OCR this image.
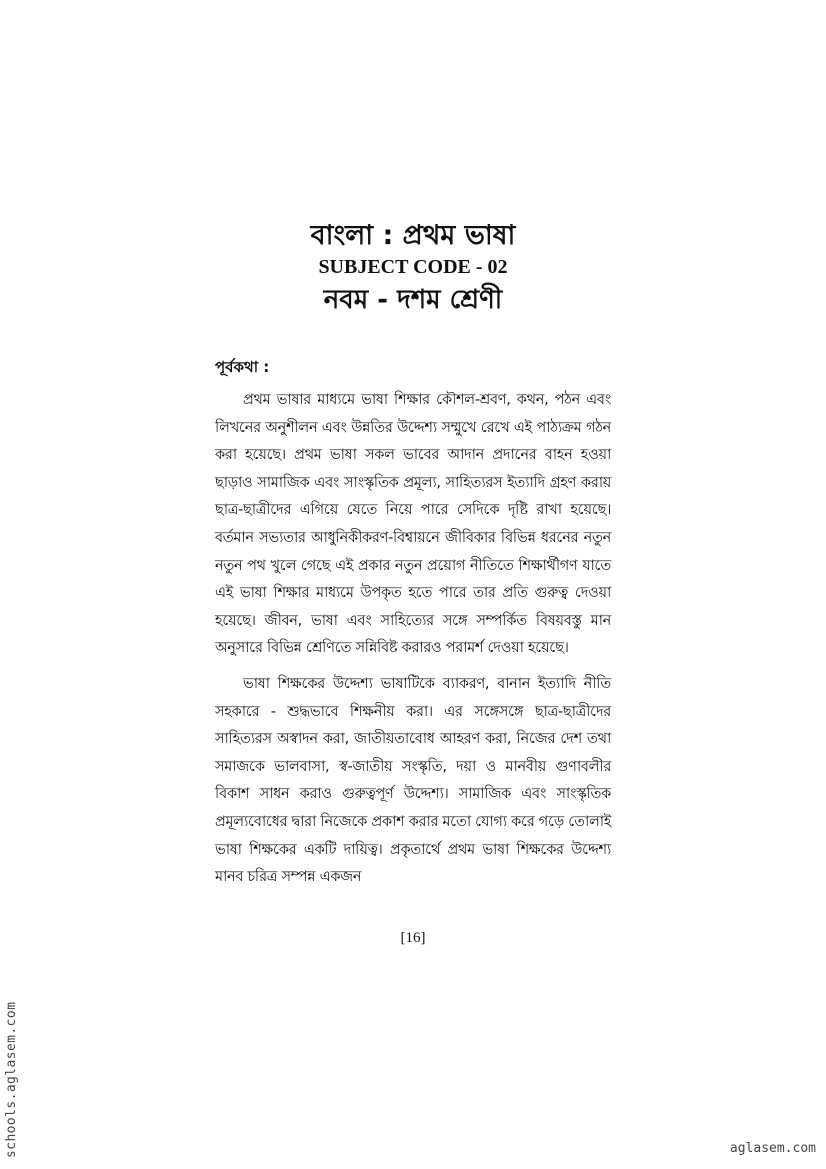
বাংলা : প্রথম ভাষা
SUBJECT CODE - 02
নবম - দশম শ্রেণী
পূর্বকথা :

প্রথম ভাষার মাধ্যমে ভাষা শিক্ষার কৌশল-শ্রবণ, কথন, পঠন এবং লিখনের অনুশীলন এবং উন্নতির উদ্দেশ্য সম্মুখে রেখে এই পাঠ্যক্রম গঠন করা হয়েছে। প্রথম ভাষা সকল ভাবের আদান প্রদানের বাহন হওয়া ছাড়াও সামাজিক এবং সাংস্কৃতিক প্রমূল্য, সাহিত্যরস ইত্যাদি গ্রহণ করায় ছাত্র-ছাত্রীদের এগিয়ে যেতে নিয়ে পারে সেদিকে দৃষ্টি রাখা হয়েছে। বর্তমান সভ্যতার আধুনিকীকরণ-বিশ্বায়নে জীবিকার বিভিন্ন ধরনের নতুন নতুন পথ খুলে গেছে এই প্রকার নতুন প্রয়োগ নীতিতে শিক্ষার্থীগণ যাতে এই ভাষা শিক্ষার মাধ্যমে উপকৃত হতে পারে তার প্রতি গুরুত্ব দেওয়া হয়েছে। জীবন, ভাষা এবং সাহিত্যের সঙ্গে সম্পর্কিত বিষয়বস্তু মান অনুসারে বিভিন্ন শ্রেণিতে সন্নিবিষ্ট করারও পরামর্শ দেওয়া হয়েছে।

ভাষা শিক্ষকের উদ্দেশ্য ভাষাটিকে ব্যাকরণ, বানান ইত্যাদি নীতি সহকারে - শুদ্ধভাবে শিক্ষনীয় করা। এর সঙ্গেসঙ্গে ছাত্র-ছাত্রীদের সাহিত্যরস অস্বাদন করা, জাতীয়তাবোধ আহরণ করা, নিজের দেশ তথা সমাজকে ভালবাসা, স্ব-জাতীয় সংস্কৃতি, দয়া ও মানবীয় গুণাবলীর বিকাশ সাধন করাও গুরুত্বপূর্ণ উদ্দেশ্য। সামাজিক এবং সাংস্কৃতিক প্রমূল্যবোধের দ্বারা নিজেকে প্রকাশ করার মতো যোগ্য করে গড়ে তোলাই ভাষা শিক্ষকের একটি দায়িত্ব। প্রকৃতার্থে প্রথম ভাষা শিক্ষকের উদ্দেশ্য মানব চরিত্র সম্পন্ন একজন

[16]
schools.aglasem.com	aglasem.com
